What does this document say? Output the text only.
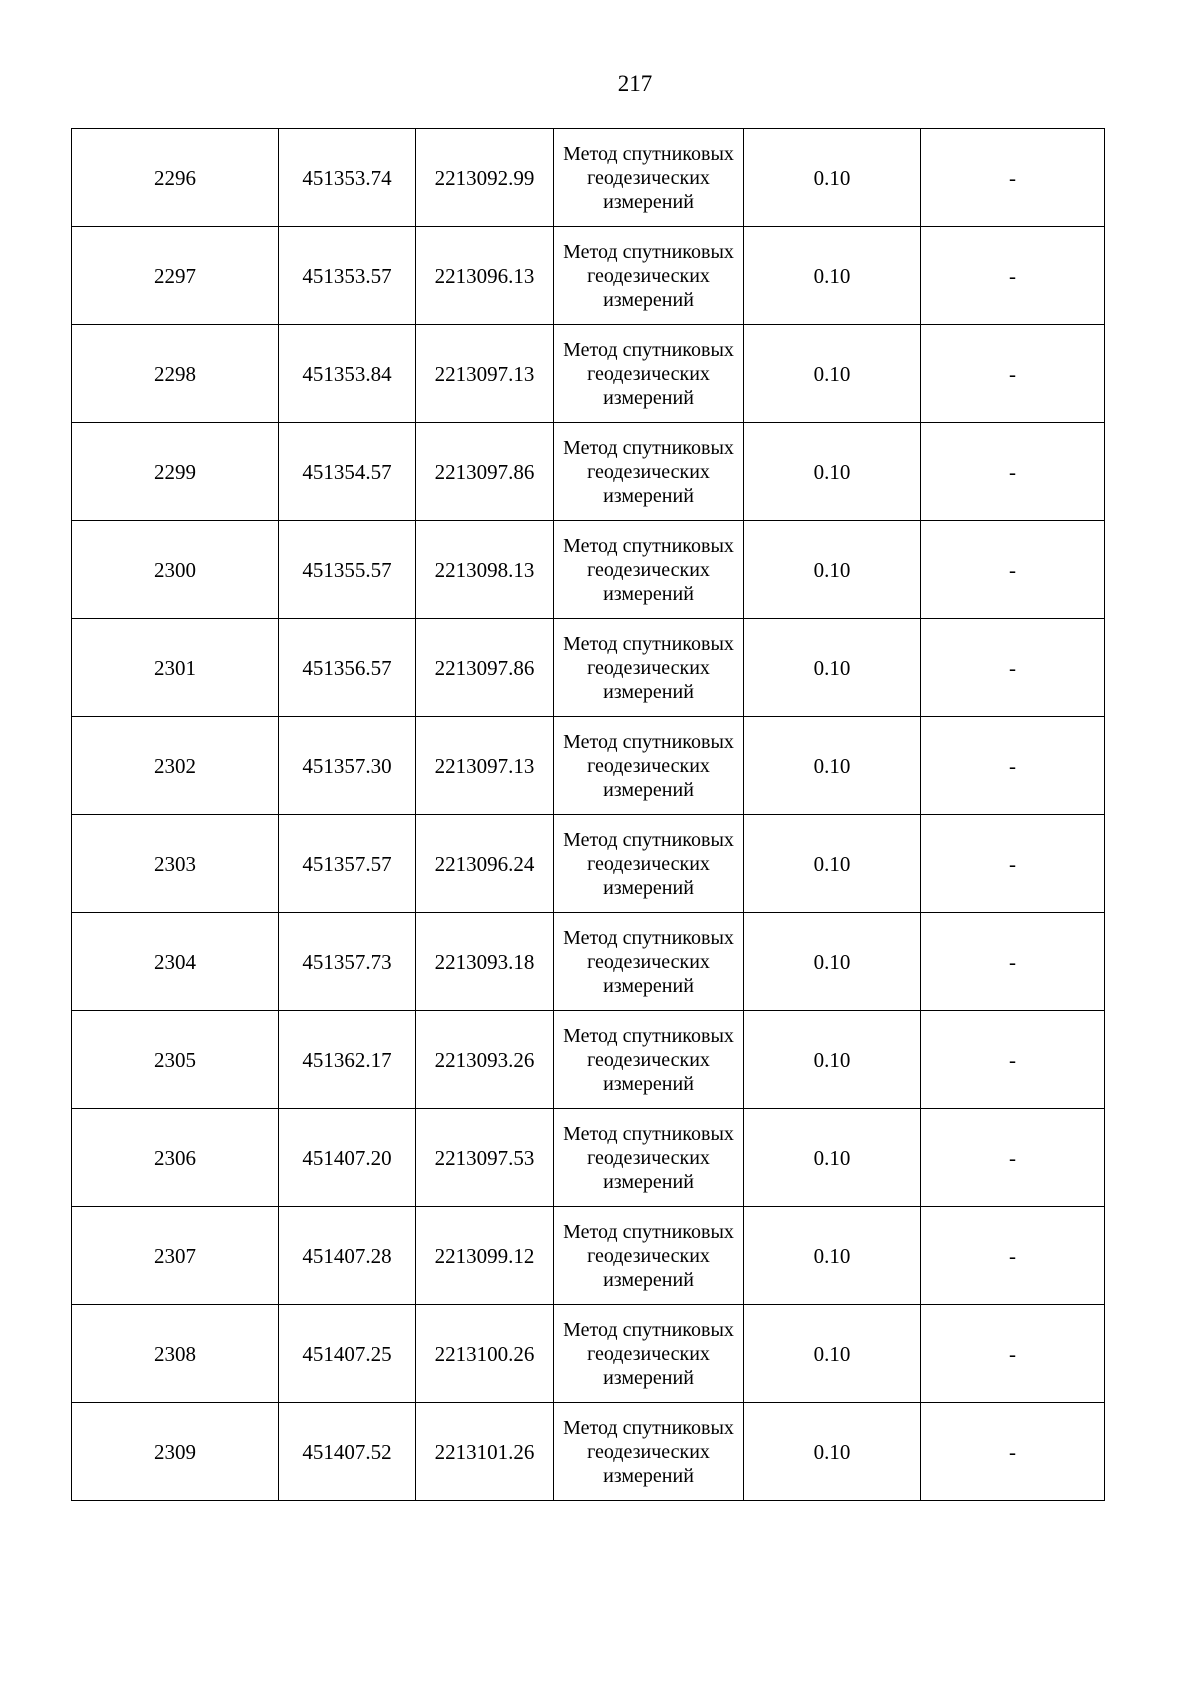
217
2296	451353.74	2213092.99	Метод спутниковых геодезических измерений	0.10	-
2297	451353.57	2213096.13	Метод спутниковых геодезических измерений	0.10	-
2298	451353.84	2213097.13	Метод спутниковых геодезических измерений	0.10	-
2299	451354.57	2213097.86	Метод спутниковых геодезических измерений	0.10	-
2300	451355.57	2213098.13	Метод спутниковых геодезических измерений	0.10	-
2301	451356.57	2213097.86	Метод спутниковых геодезических измерений	0.10	-
2302	451357.30	2213097.13	Метод спутниковых геодезических измерений	0.10	-
2303	451357.57	2213096.24	Метод спутниковых геодезических измерений	0.10	-
2304	451357.73	2213093.18	Метод спутниковых геодезических измерений	0.10	-
2305	451362.17	2213093.26	Метод спутниковых геодезических измерений	0.10	-
2306	451407.20	2213097.53	Метод спутниковых геодезических измерений	0.10	-
2307	451407.28	2213099.12	Метод спутниковых геодезических измерений	0.10	-
2308	451407.25	2213100.26	Метод спутниковых геодезических измерений	0.10	-
2309	451407.52	2213101.26	Метод спутниковых геодезических измерений	0.10	-
